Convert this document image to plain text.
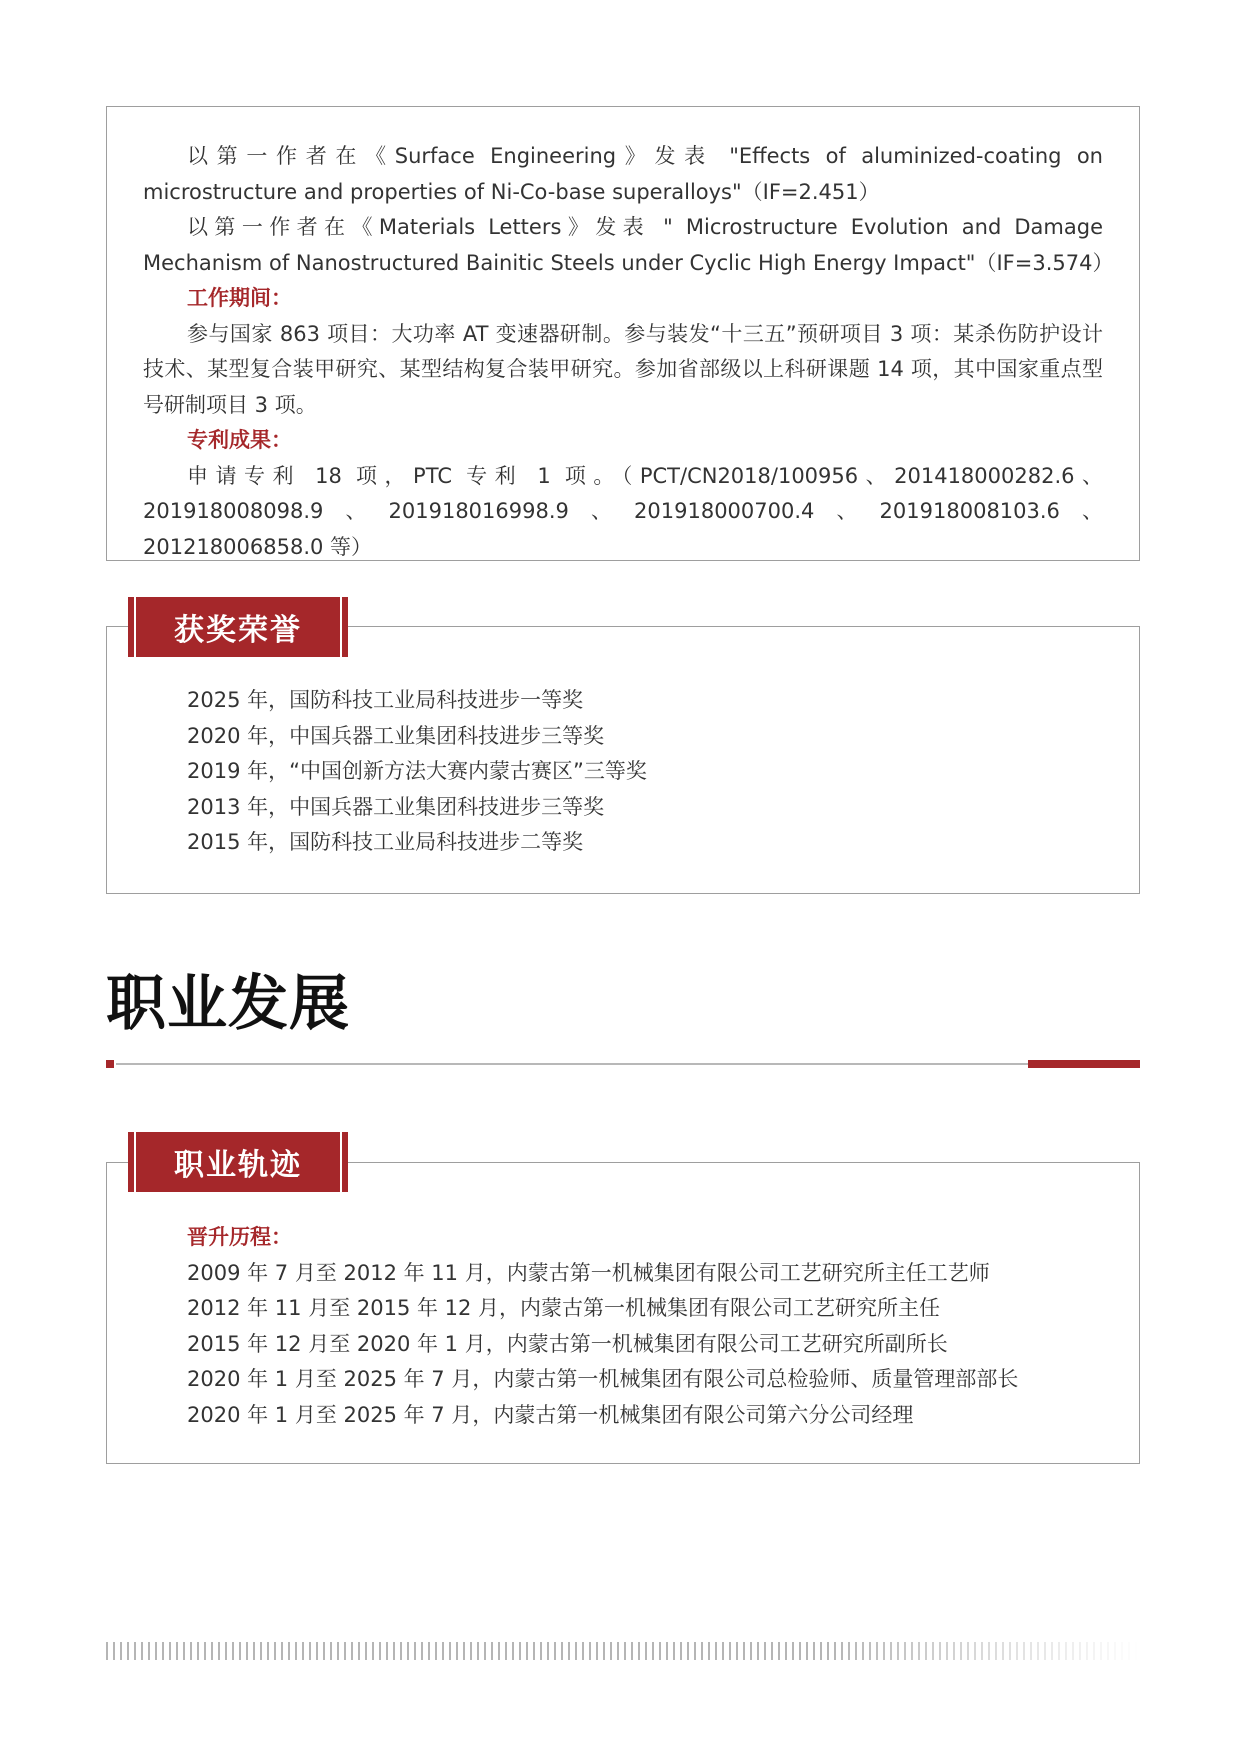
以第一作者在《Surface Engineering》发表 "Effects of aluminized-coating on microstructure and properties of Ni-Co-base superalloys"（IF=2.451）

以第一作者在《Materials Letters》发表 " Microstructure Evolution and Damage Mechanism of Nanostructured Bainitic Steels under Cyclic High Energy Impact"（IF=3.574）

工作期间：

参与国家 863 项目：大功率 AT 变速器研制。参与装发“十三五”预研项目 3 项：某杀伤防护设计技术、某型复合装甲研究、某型结构复合装甲研究。参加省部级以上科研课题 14 项，其中国家重点型号研制项目 3 项。

专利成果：

申请专利 18 项，PTC 专利 1 项。（PCT/CN2018/100956、201418000282.6、201918008098.9、201918016998.9、201918000700.4、201918008103.6、201218006858.0 等）

2025 年，国防科技工业局科技进步一等奖

2020 年，中国兵器工业集团科技进步三等奖

2019 年，“中国创新方法大赛内蒙古赛区”三等奖

2013 年，中国兵器工业集团科技进步三等奖

2015 年，国防科技工业局科技进步二等奖

获奖荣誉
职业发展

晋升历程：

2009 年 7 月至 2012 年 11 月，内蒙古第一机械集团有限公司工艺研究所主任工艺师

2012 年 11 月至 2015 年 12 月，内蒙古第一机械集团有限公司工艺研究所主任

2015 年 12 月至 2020 年 1 月，内蒙古第一机械集团有限公司工艺研究所副所长

2020 年 1 月至 2025 年 7 月，内蒙古第一机械集团有限公司总检验师、质量管理部部长

2020 年 1 月至 2025 年 7 月，内蒙古第一机械集团有限公司第六分公司经理

职业轨迹
